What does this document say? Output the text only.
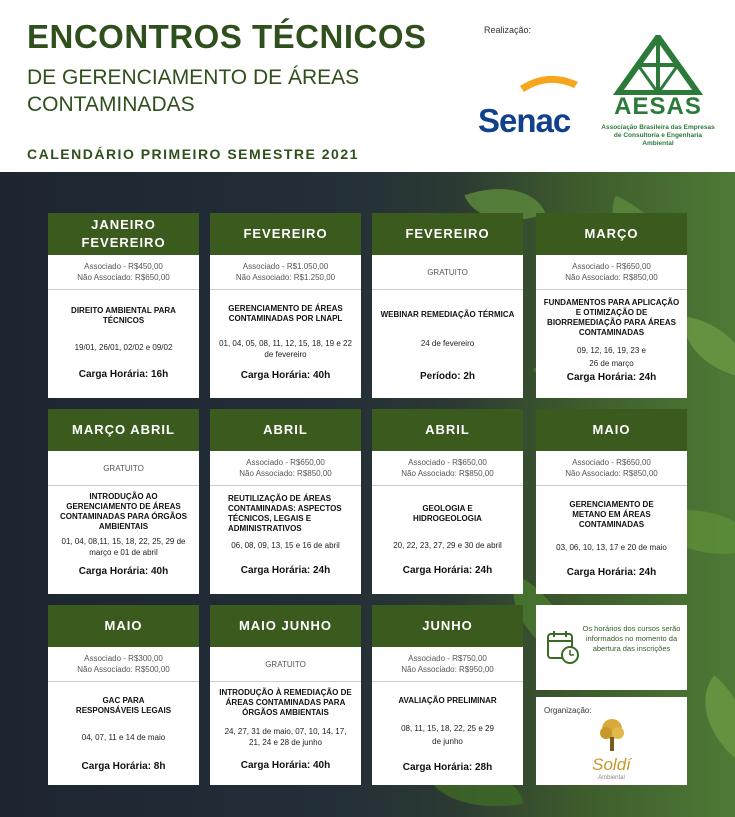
ENCONTROS TÉCNICOS
DE GERENCIAMENTO DE ÁREAS CONTAMINADAS
CALENDÁRIO PRIMEIRO SEMESTRE 2021
Realização:
Senac	AESAS
Associação Brasileira das Empresas de Consultoria e Engenharia Ambiental
JANEIRO FEVEREIRO
Associado - R$450,00
Não Associado: R$650,00
DIREITO AMBIENTAL PARA TÉCNICOS
19/01, 26/01, 02/02 e 09/02
Carga Horária: 16h
FEVEREIRO
Associado - R$1.050,00
Não Associado: R$1.250,00
GERENCIAMENTO DE ÁREAS CONTAMINADAS POR LNAPL
01, 04, 05, 08, 11, 12, 15, 18, 19 e 22 de fevereiro
Carga Horária: 40h
FEVEREIRO
GRATUITO
WEBINAR REMEDIAÇÃO TÉRMICA
24 de fevereiro
Período: 2h
MARÇO
Associado - R$650,00
Não Associado: R$850,00
FUNDAMENTOS PARA APLICAÇÃO E OTIMIZAÇÃO DE BIORREMEDIAÇÃO PARA ÁREAS CONTAMINADAS
09, 12, 16, 19, 23 e 26 de março
Carga Horária: 24h
MARÇO ABRIL
GRATUITO
INTRODUÇÃO AO GERENCIAMENTO DE ÁREAS CONTAMINADAS PARA ÓRGÃOS AMBIENTAIS
01, 04, 08,11, 15, 18, 22, 25, 29 de março e 01 de abril
Carga Horária: 40h
ABRIL
Associado - R$650,00
Não Associado: R$850,00
REUTILIZAÇÃO DE ÁREAS CONTAMINADAS: ASPECTOS TÉCNICOS, LEGAIS E ADMINISTRATIVOS
06, 08, 09, 13, 15 e 16 de abril
Carga Horária: 24h
ABRIL
Associado - R$650,00
Não Associado: R$850,00
GEOLOGIA E HIDROGEOLOGIA
20, 22, 23, 27, 29 e 30 de abril
Carga Horária: 24h
MAIO
Associado - R$650,00
Não Associado: R$850,00
GERENCIAMENTO DE METANO EM ÁREAS CONTAMINADAS
03, 06, 10, 13, 17 e 20 de maio
Carga Horária: 24h
MAIO
Associado - R$300,00
Não Associado: R$500,00
GAC PARA RESPONSÁVEIS LEGAIS
04, 07, 11 e 14 de maio
Carga Horária: 8h
MAIO JUNHO
GRATUITO
INTRODUÇÃO À REMEDIAÇÃO DE ÁREAS CONTAMINADAS PARA ÓRGÃOS AMBIENTAIS
24, 27, 31 de maio, 07, 10, 14, 17, 21, 24 e 28 de junho
Carga Horária: 40h
JUNHO
Associado - R$750,00
Não Associado: R$950,00
AVALIAÇÃO PRELIMINAR
08, 11, 15, 18, 22, 25 e 29 de junho
Carga Horária: 28h
Os horários dos cursos serão informados no momento da abertura das inscrições
Organização:
Soldí
Ambiental
